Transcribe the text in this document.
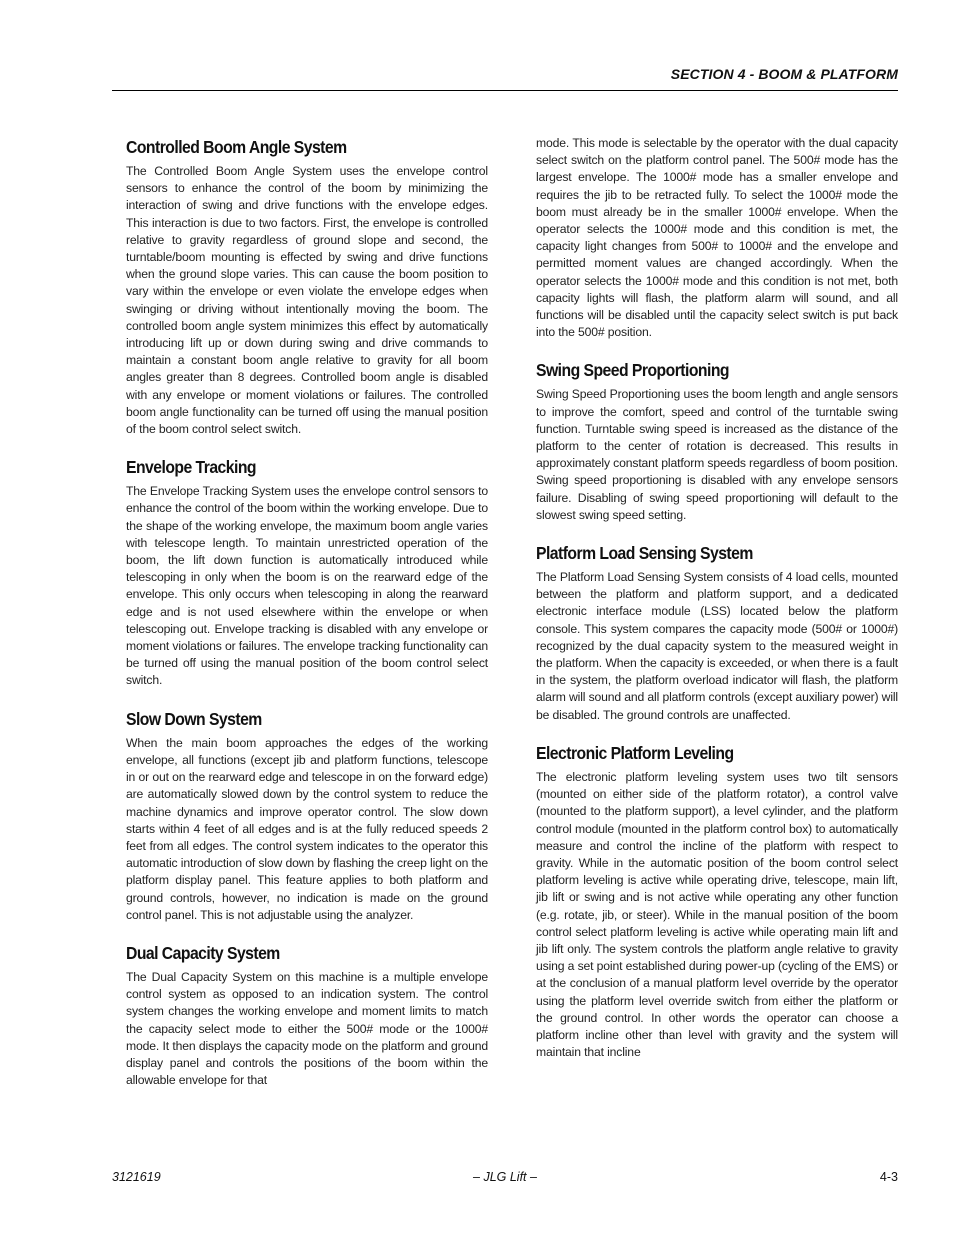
SECTION 4 - BOOM & PLATFORM
Controlled Boom Angle System

The Controlled Boom Angle System uses the envelope control sensors to enhance the control of the boom by minimizing the interaction of swing and drive functions with the envelope edges. This interaction is due to two factors. First, the envelope is controlled relative to gravity regardless of ground slope and second, the turntable/boom mounting is effected by swing and drive functions when the ground slope varies. This can cause the boom position to vary within the envelope or even violate the envelope edges when swinging or driving without intentionally moving the boom. The controlled boom angle system minimizes this effect by automatically introducing lift up or down during swing and drive commands to maintain a constant boom angle relative to gravity for all boom angles greater than 8 degrees. Controlled boom angle is disabled with any envelope or moment violations or failures. The controlled boom angle functionality can be turned off using the manual position of the boom control select switch.

Envelope Tracking

The Envelope Tracking System uses the envelope control sensors to enhance the control of the boom within the working envelope. Due to the shape of the working envelope, the maximum boom angle varies with telescope length. To maintain unrestricted operation of the boom, the lift down function is automatically introduced while telescoping in only when the boom is on the rearward edge of the envelope. This only occurs when telescoping in along the rearward edge and is not used elsewhere within the envelope or when telescoping out. Envelope tracking is disabled with any envelope or moment violations or failures. The envelope tracking functionality can be turned off using the manual position of the boom control select switch.

Slow Down System

When the main boom approaches the edges of the working envelope, all functions (except jib and platform functions, telescope in or out on the rearward edge and telescope in on the forward edge) are automatically slowed down by the control system to reduce the machine dynamics and improve operator control. The slow down starts within 4 feet of all edges and is at the fully reduced speeds 2 feet from all edges. The control system indicates to the operator this automatic introduction of slow down by flashing the creep light on the platform display panel. This feature applies to both platform and ground controls, however, no indication is made on the ground control panel. This is not adjustable using the analyzer.

Dual Capacity System

The Dual Capacity System on this machine is a multiple envelope control system as opposed to an indication system. The control system changes the working envelope and moment limits to match the capacity select mode to either the 500# mode or the 1000# mode. It then displays the capacity mode on the platform and ground display panel and controls the positions of the boom within the allowable envelope for that

mode. This mode is selectable by the operator with the dual capacity select switch on the platform control panel. The 500# mode has the largest envelope. The 1000# mode has a smaller envelope and requires the jib to be retracted fully. To select the 1000# mode the boom must already be in the smaller 1000# envelope. When the operator selects the 1000# mode and this condition is met, the capacity light changes from 500# to 1000# and the envelope and permitted moment values are changed accordingly. When the operator selects the 1000# mode and this condition is not met, both capacity lights will flash, the platform alarm will sound, and all functions will be disabled until the capacity select switch is put back into the 500# position.

Swing Speed Proportioning

Swing Speed Proportioning uses the boom length and angle sensors to improve the comfort, speed and control of the turntable swing function. Turntable swing speed is increased as the distance of the platform to the center of rotation is decreased. This results in approximately constant platform speeds regardless of boom position. Swing speed proportioning is disabled with any envelope sensors failure. Disabling of swing speed proportioning will default to the slowest swing speed setting.

Platform Load Sensing System

The Platform Load Sensing System consists of 4 load cells, mounted between the platform and platform support, and a dedicated electronic interface module (LSS) located below the platform console. This system compares the capacity mode (500# or 1000#) recognized by the dual capacity system to the measured weight in the platform. When the capacity is exceeded, or when there is a fault in the system, the platform overload indicator will flash, the platform alarm will sound and all platform controls (except auxiliary power) will be disabled. The ground controls are unaffected.

Electronic Platform Leveling

The electronic platform leveling system uses two tilt sensors (mounted on either side of the platform rotator), a control valve (mounted to the platform support), a level cylinder, and the platform control module (mounted in the platform control box) to automatically measure and control the incline of the platform with respect to gravity. While in the automatic position of the boom control select platform leveling is active while operating drive, telescope, main lift, jib lift or swing and is not active while operating any other function (e.g. rotate, jib, or steer). While in the manual position of the boom control select platform leveling is active while operating main lift and jib lift only. The system controls the platform angle relative to gravity using a set point established during power-up (cycling of the EMS) or at the conclusion of a manual platform level override by the operator using the platform level override switch from either the platform or the ground control. In other words the operator can choose a platform incline other than level with gravity and the system will maintain that incline

3121619	– JLG Lift –	4-3
